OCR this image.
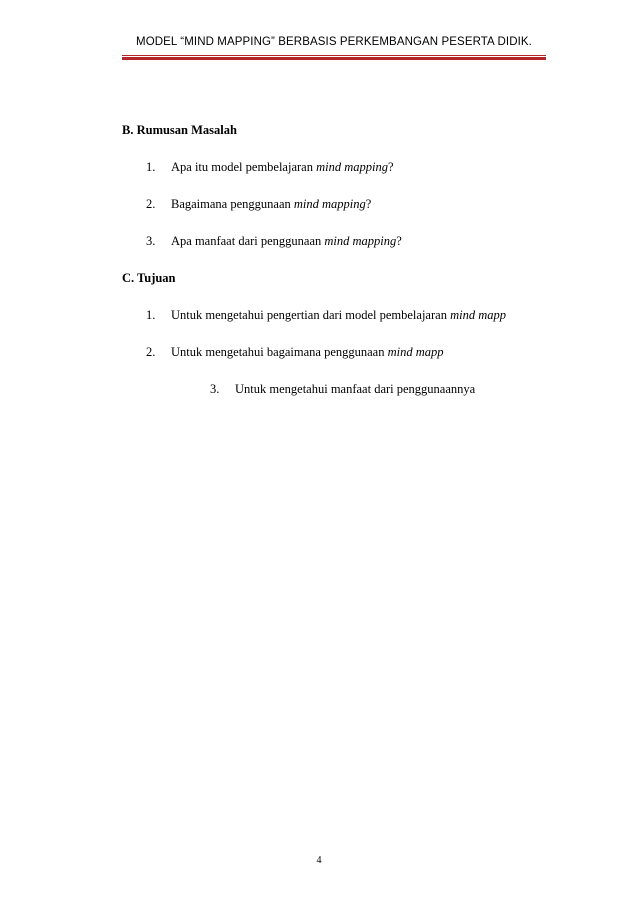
MODEL “MIND MAPPING” BERBASIS PERKEMBANGAN PESERTA DIDIK.
B. Rumusan Masalah
1. Apa itu model pembelajaran mind mapping?
2. Bagaimana penggunaan mind mapping?
3. Apa manfaat dari penggunaan mind mapping?
C. Tujuan
1. Untuk mengetahui pengertian dari model pembelajaran mind mapp
2. Untuk mengetahui bagaimana penggunaan mind mapp
3. Untuk mengetahui manfaat dari penggunaannya
4
